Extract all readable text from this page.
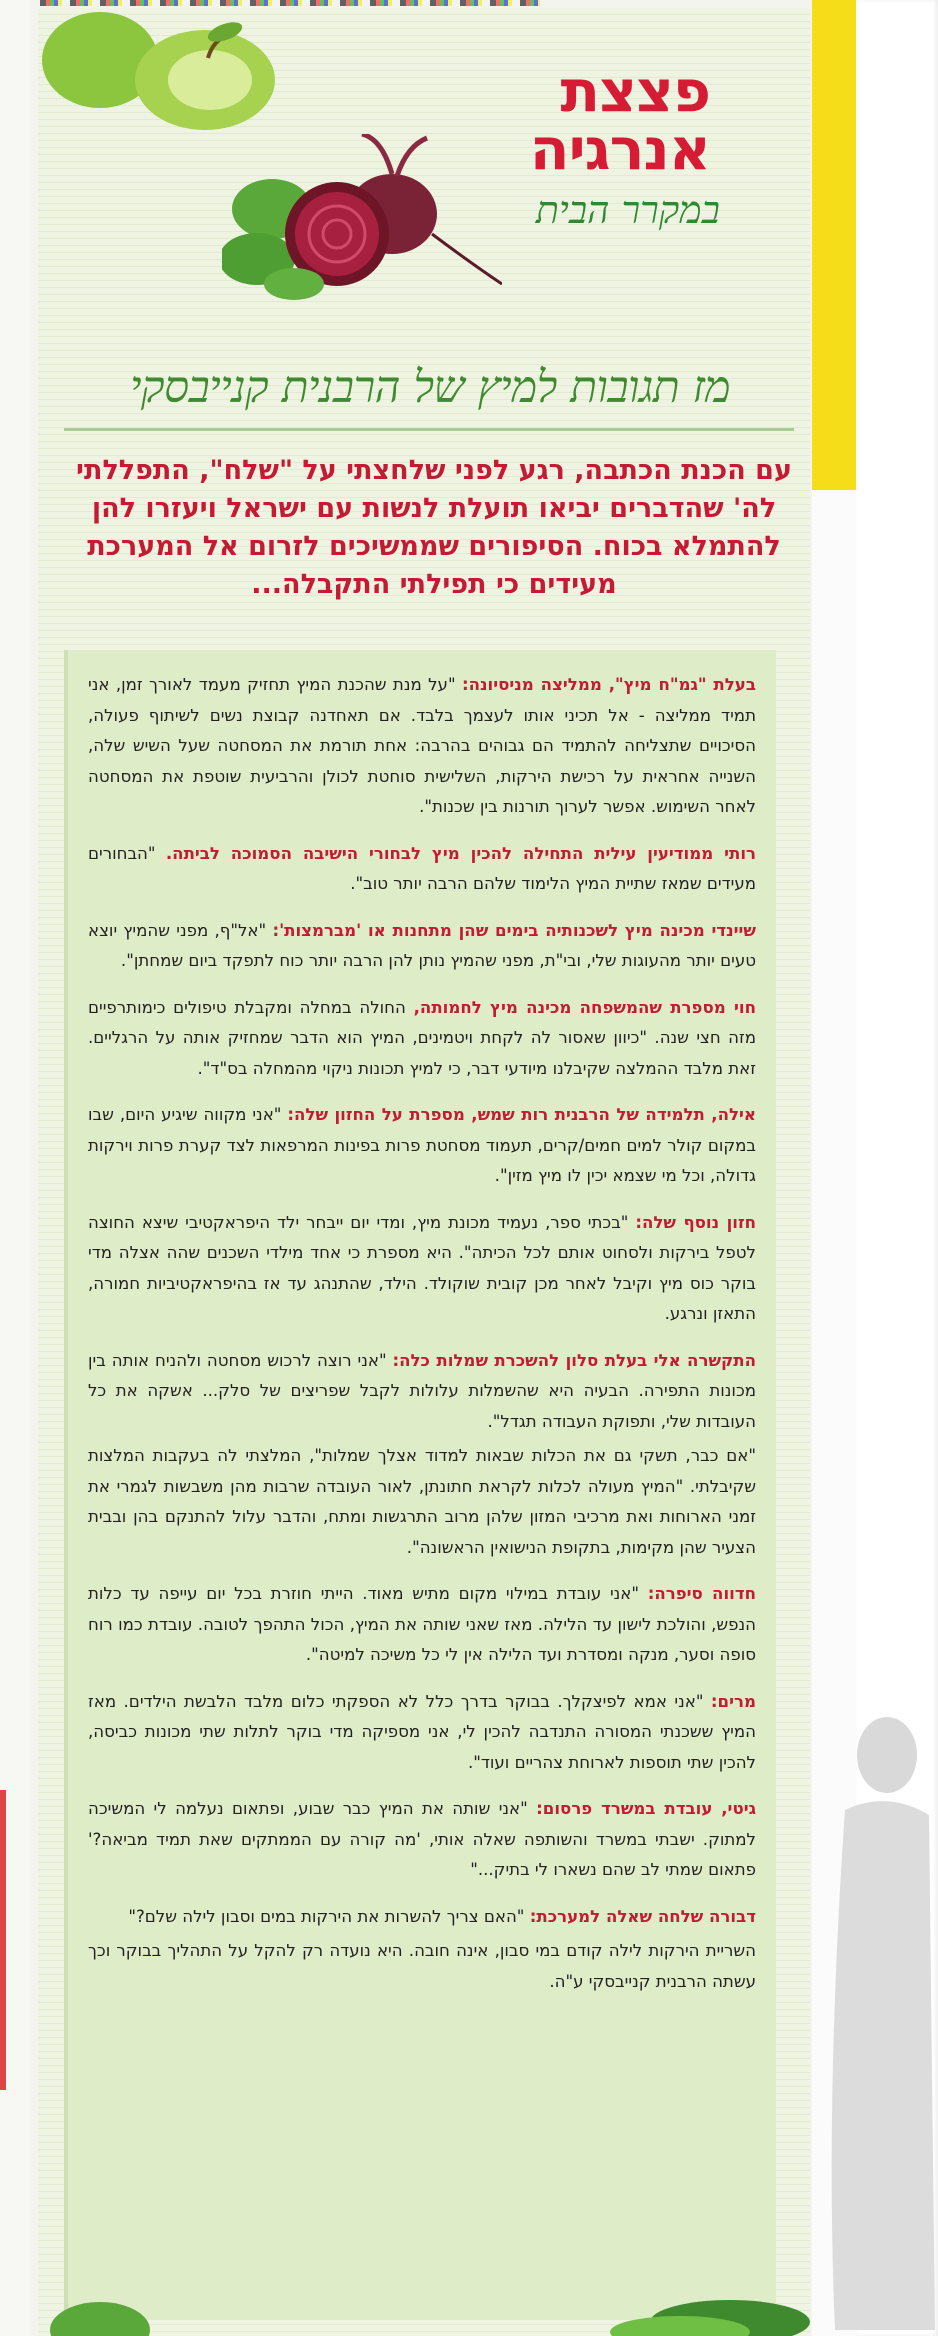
פצצת
אנרגיה
במקרר הבית
מז תגובות למיץ של הרבנית קנייבסקי
עם הכנת הכתבה, רגע לפני שלחצתי על "שלח", התפללתי לה' שהדברים יביאו תועלת לנשות עם ישראל ויעזרו להן להתמלא בכוח. הסיפורים שממשיכים לזרום אל המערכת מעידים כי תפילתי התקבלה...

בעלת "גמ"ח מיץ", ממליצה מניסיונה: "על מנת שהכנת המיץ תחזיק מעמד לאורך זמן, אני תמיד ממליצה - אל תכיני אותו לעצמך בלבד. אם תאחדנה קבוצת נשים לשיתוף פעולה, הסיכויים שתצליחה להתמיד הם גבוהים בהרבה: אחת תורמת את המסחטה שעל השיש שלה, השנייה אחראית על רכישת הירקות, השלישית סוחטת לכולן והרביעית שוטפת את המסחטה לאחר השימוש. אפשר לערוך תורנות בין שכנות".

רותי ממודיעין עילית התחילה להכין מיץ לבחורי הישיבה הסמוכה לביתה. "הבחורים מעידים שמאז שתיית המיץ הלימוד שלהם הרבה יותר טוב".

שיינדי מכינה מיץ לשכנותיה בימים שהן מתחנות או 'מברמצות': "אל"ף, מפני שהמיץ יוצא טעים יותר מהעוגות שלי, ובי"ת, מפני שהמיץ נותן להן הרבה יותר כוח לתפקד ביום שמחתן".

חוי מספרת שהמשפחה מכינה מיץ לחמותה, החולה במחלה ומקבלת טיפולים כימותרפיים מזה חצי שנה. "כיוון שאסור לה לקחת ויטמינים, המיץ הוא הדבר שמחזיק אותה על הרגליים. זאת מלבד ההמלצה שקיבלנו מיודעי דבר, כי למיץ תכונות ניקוי מהמחלה בס"ד".

אילה, תלמידה של הרבנית רות שמש, מספרת על החזון שלה: "אני מקווה שיגיע היום, שבו במקום קולר למים חמים/קרים, תעמוד מסחטת פרות בפינות המרפאות לצד קערת פרות וירקות גדולה, וכל מי שצמא יכין לו מיץ מזין".

חזון נוסף שלה: "בכתי ספר, נעמיד מכונת מיץ, ומדי יום ייבחר ילד היפראקטיבי שיצא החוצה לטפל בירקות ולסחוט אותם לכל הכיתה". היא מספרת כי אחד מילדי השכנים שהה אצלה מדי בוקר כוס מיץ וקיבל לאחר מכן קובית שוקולד. הילד, שהתנהג עד אז בהיפראקטיביות חמורה, התאזן ונרגע.

התקשרה אלי בעלת סלון להשכרת שמלות כלה: "אני רוצה לרכוש מסחטה ולהניח אותה בין מכונות התפירה. הבעיה היא שהשמלות עלולות לקבל שפריצים של סלק... אשקה את כל העובדות שלי, ותפוקת העבודה תגדל".

"אם כבר, תשקי גם את הכלות שבאות למדוד אצלך שמלות", המלצתי לה בעקבות המלצות שקיבלתי. "המיץ מעולה לכלות לקראת חתונתן, לאור העובדה שרבות מהן משבשות לגמרי את זמני הארוחות ואת מרכיבי המזון שלהן מרוב התרגשות ומתח, והדבר עלול להתנקם בהן ובבית הצעיר שהן מקימות, בתקופת הנישואין הראשונה".

חדווה סיפרה: "אני עובדת במילוי מקום מתיש מאוד. הייתי חוזרת בכל יום עייפה עד כלות הנפש, והולכת לישון עד הלילה. מאז שאני שותה את המיץ, הכול התהפך לטובה. עובדת כמו רוח סופה וסער, מנקה ומסדרת ועד הלילה אין לי כל משיכה למיטה".

מרים: "אני אמא לפיצקלך. בבוקר בדרך כלל לא הספקתי כלום מלבד הלבשת הילדים. מאז המיץ ששכנתי המסורה התנדבה להכין לי, אני מספיקה מדי בוקר לתלות שתי מכונות כביסה, להכין שתי תוספות לארוחת צהריים ועוד".

גיטי, עובדת במשרד פרסום: "אני שותה את המיץ כבר שבוע, ופתאום נעלמה לי המשיכה למתוק. ישבתי במשרד והשותפה שאלה אותי, 'מה קורה עם הממתקים שאת תמיד מביאה?' פתאום שמתי לב שהם נשארו לי בתיק..."

דבורה שלחה שאלה למערכת: "האם צריך להשרות את הירקות במים וסבון לילה שלם?"

השריית הירקות לילה קודם במי סבון, אינה חובה. היא נועדה רק להקל על התהליך בבוקר וכך עשתה הרבנית קנייבסקי ע"ה.
